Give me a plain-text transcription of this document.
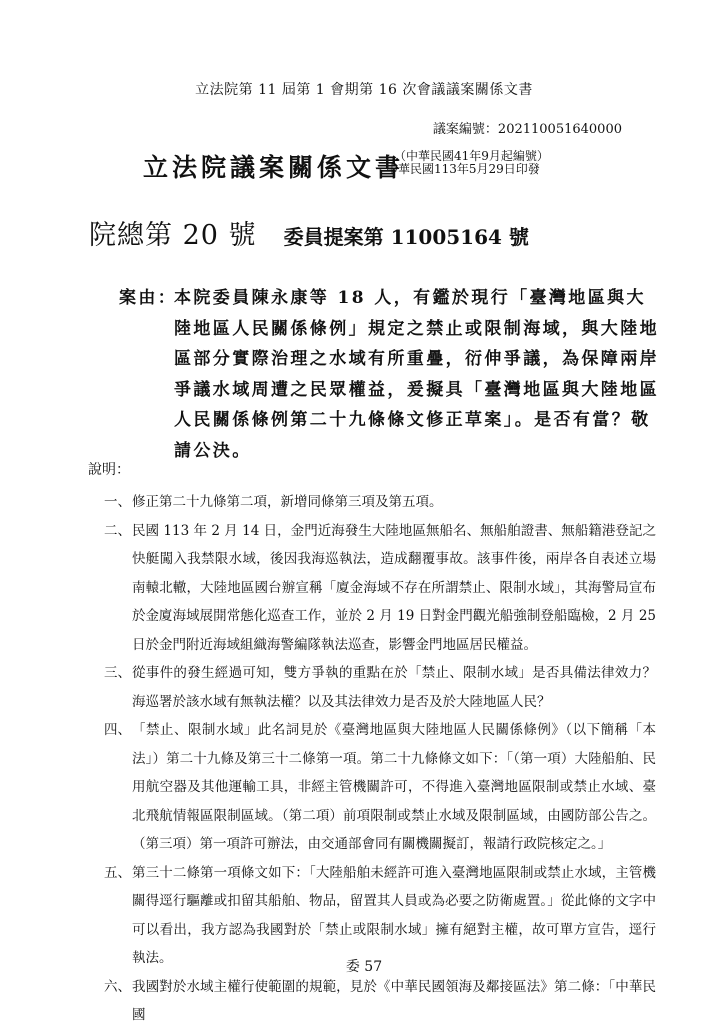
立法院第 11 屆第 1 會期第 16 次會議議案關係文書
議案編號：202110051640000
立法院議案關係文書
（中華民國41年9月起編號）
中華民國113年5月29日印發
院總第 20 號 委員提案第 11005164 號
案由：
本院委員陳永康等 18 人，有鑑於現行「臺灣地區與大陸地區人民關係條例」規定之禁止或限制海域，與大陸地區部分實際治理之水域有所重疊，衍伸爭議，為保障兩岸爭議水域周遭之民眾權益，爰擬具「臺灣地區與大陸地區人民關係條例第二十九條條文修正草案」。是否有當？敬請公決。
說明：
一、 修正第二十九條第二項，新增同條第三項及第五項。
二、 民國 113 年 2 月 14 日，金門近海發生大陸地區無船名、無船舶證書、無船籍港登記之快艇闖入我禁限水域，後因我海巡執法，造成翻覆事故。該事件後，兩岸各自表述立場南轅北轍，大陸地區國台辦宣稱「廈金海域不存在所謂禁止、限制水域」，其海警局宣布於金廈海域展開常態化巡查工作，並於 2 月 19 日對金門觀光船強制登船臨檢，2 月 25 日於金門附近海域組織海警編隊執法巡查，影響金門地區居民權益。
三、 從事件的發生經過可知，雙方爭執的重點在於「禁止、限制水域」是否具備法律效力？海巡署於該水域有無執法權？以及其法律效力是否及於大陸地區人民？
四、 「禁止、限制水域」此名詞見於《臺灣地區與大陸地區人民關係條例》（以下簡稱「本法」）第二十九條及第三十二條第一項。第二十九條條文如下：「（第一項）大陸船舶、民用航空器及其他運輸工具，非經主管機關許可，不得進入臺灣地區限制或禁止水域、臺北飛航情報區限制區域。（第二項）前項限制或禁止水域及限制區域，由國防部公告之。（第三項）第一項許可辦法，由交通部會同有關機關擬訂，報請行政院核定之。」
五、 第三十二條第一項條文如下：「大陸船舶未經許可進入臺灣地區限制或禁止水域，主管機關得逕行驅離或扣留其船舶、物品，留置其人員或為必要之防衛處置。」從此條的文字中可以看出，我方認為我國對於「禁止或限制水域」擁有絕對主權，故可單方宣告，逕行執法。
六、 我國對於水域主權行使範圍的規範，見於《中華民國領海及鄰接區法》第二條：「中華民國
委 57
